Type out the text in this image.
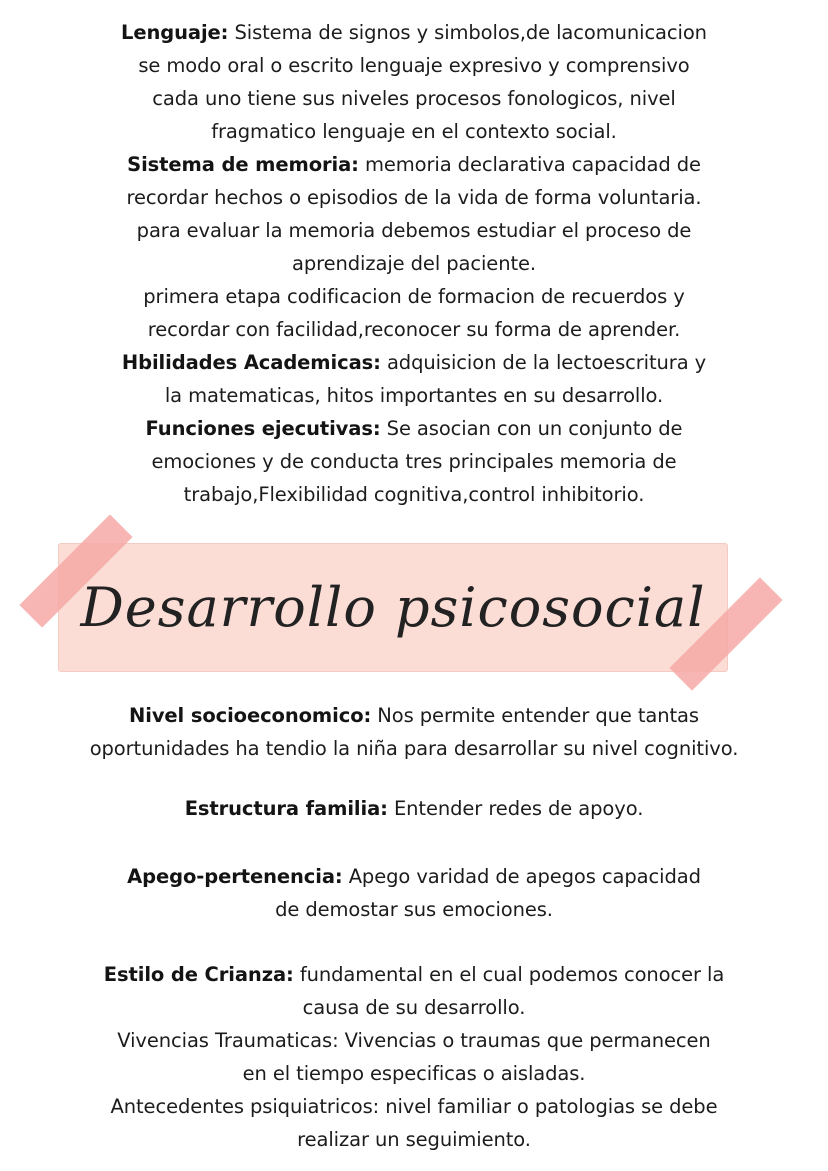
Lenguaje: Sistema de signos y simbolos,de lacomunicacion
se modo oral o escrito lenguaje expresivo y comprensivo
cada uno tiene sus niveles procesos fonologicos, nivel
fragmatico lenguaje en el contexto social.
Sistema de memoria: memoria declarativa capacidad de
recordar hechos o episodios de la vida de forma voluntaria.
para evaluar la memoria debemos estudiar el proceso de
aprendizaje del paciente.
primera etapa codificacion de formacion de recuerdos y
recordar con facilidad,reconocer su forma de aprender.
Hbilidades Academicas: adquisicion de la lectoescritura y
la matematicas, hitos importantes en su desarrollo.
Funciones ejecutivas: Se asocian con un conjunto de
emociones y de conducta tres principales memoria de
trabajo,Flexibilidad cognitiva,control inhibitorio.
Desarrollo psicosocial
Nivel socioeconomico: Nos permite entender que tantas
oportunidades ha tendio la niña para desarrollar su nivel cognitivo.
Estructura familia: Entender redes de apoyo.
Apego-pertenencia: Apego varidad de apegos capacidad
de demostar sus emociones.
Estilo de Crianza: fundamental en el cual podemos conocer la
causa de su desarrollo.
Vivencias Traumaticas: Vivencias o traumas que permanecen
en el tiempo especificas o aisladas.
Antecedentes psiquiatricos: nivel familiar o patologias se debe
realizar un seguimiento.
